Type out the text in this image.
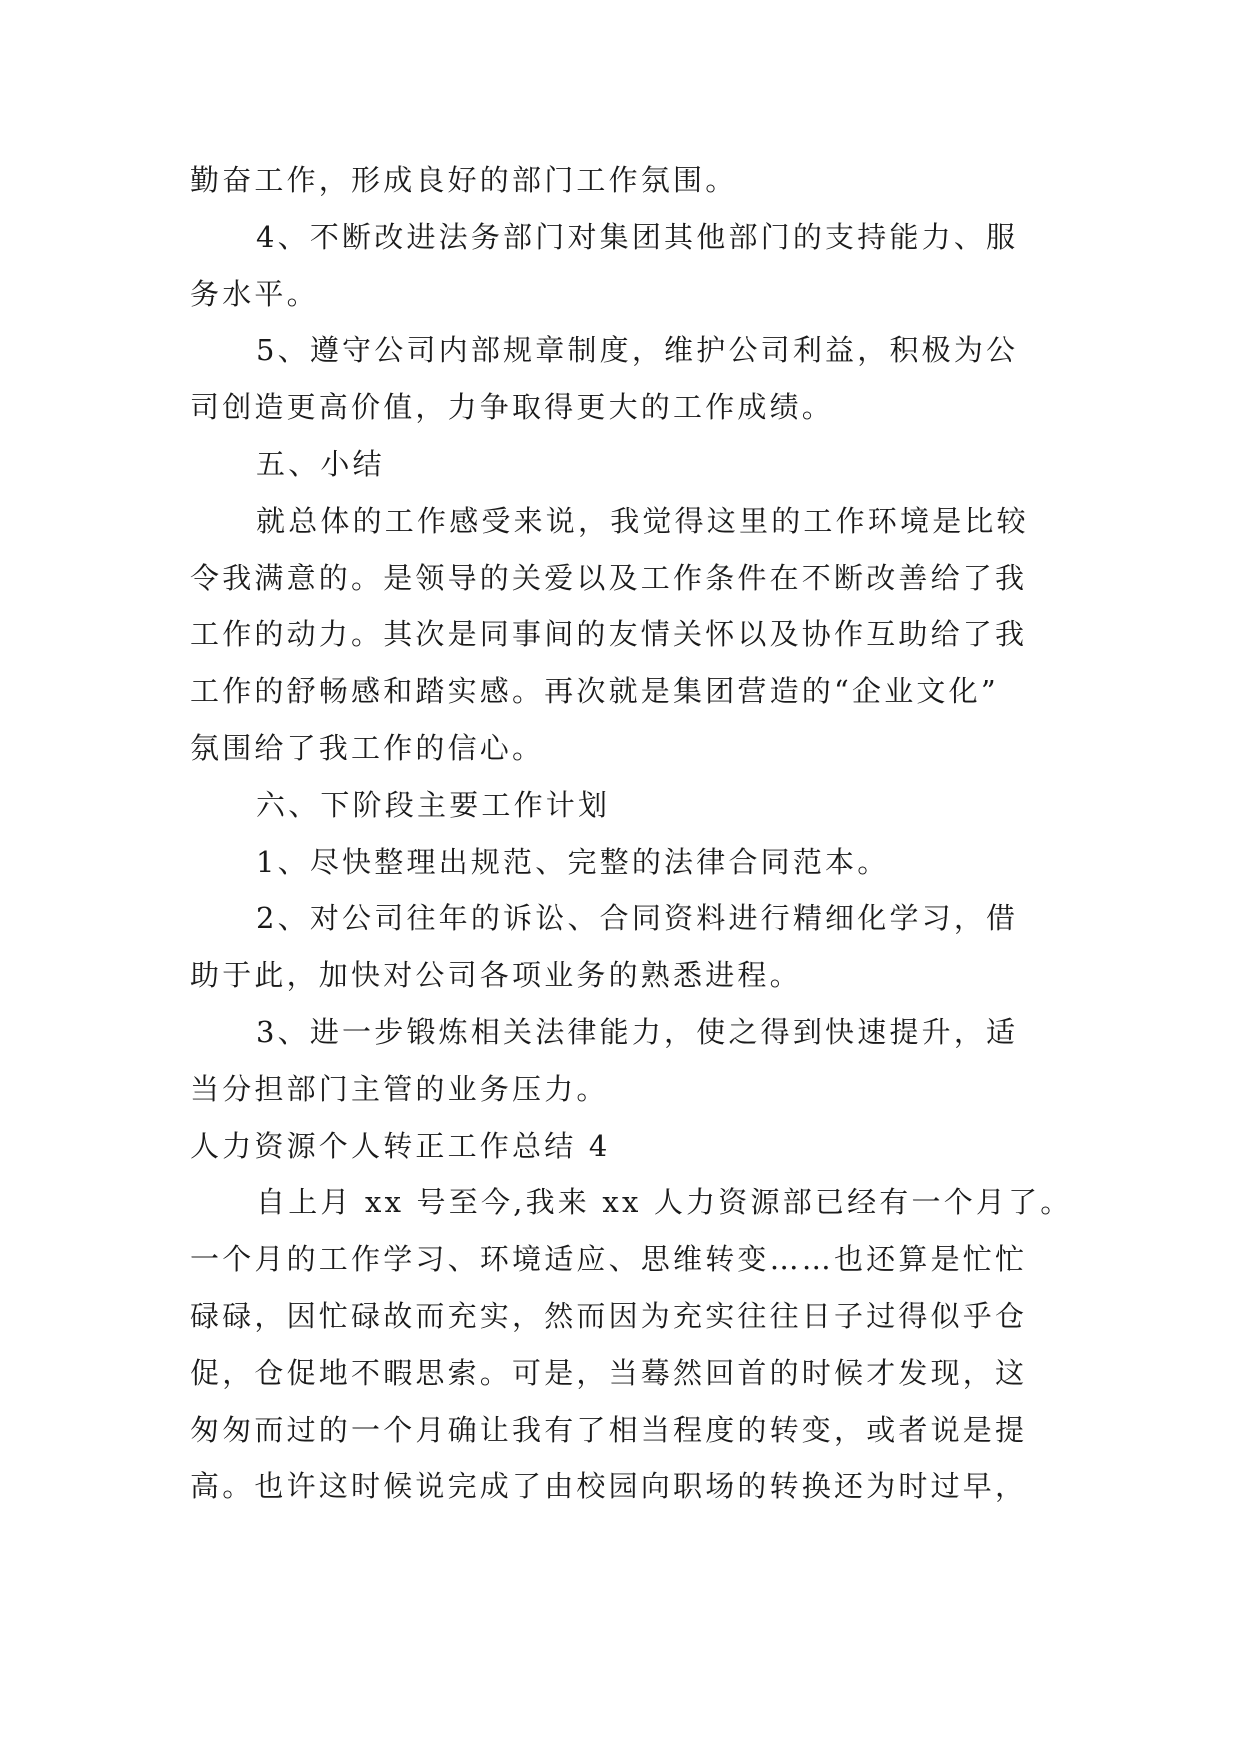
勤奋工作，形成良好的部门工作氛围。

4、不断改进法务部门对集团其他部门的支持能力、服

务水平。

5、遵守公司内部规章制度，维护公司利益，积极为公

司创造更高价值，力争取得更大的工作成绩。

五、小结

就总体的工作感受来说，我觉得这里的工作环境是比较

令我满意的。是领导的关爱以及工作条件在不断改善给了我

工作的动力。其次是同事间的友情关怀以及协作互助给了我

工作的舒畅感和踏实感。再次就是集团营造的“企业文化”

氛围给了我工作的信心。

六、下阶段主要工作计划

1、尽快整理出规范、完整的法律合同范本。

2、对公司往年的诉讼、合同资料进行精细化学习，借

助于此，加快对公司各项业务的熟悉进程。

3、进一步锻炼相关法律能力，使之得到快速提升，适

当分担部门主管的业务压力。

人力资源个人转正工作总结 4

自上月 xx 号至今,我来 xx 人力资源部已经有一个月了。

一个月的工作学习、环境适应、思维转变……也还算是忙忙

碌碌，因忙碌故而充实，然而因为充实往往日子过得似乎仓

促，仓促地不暇思索。可是，当蓦然回首的时候才发现，这

匆匆而过的一个月确让我有了相当程度的转变，或者说是提

高。也许这时候说完成了由校园向职场的转换还为时过早，
